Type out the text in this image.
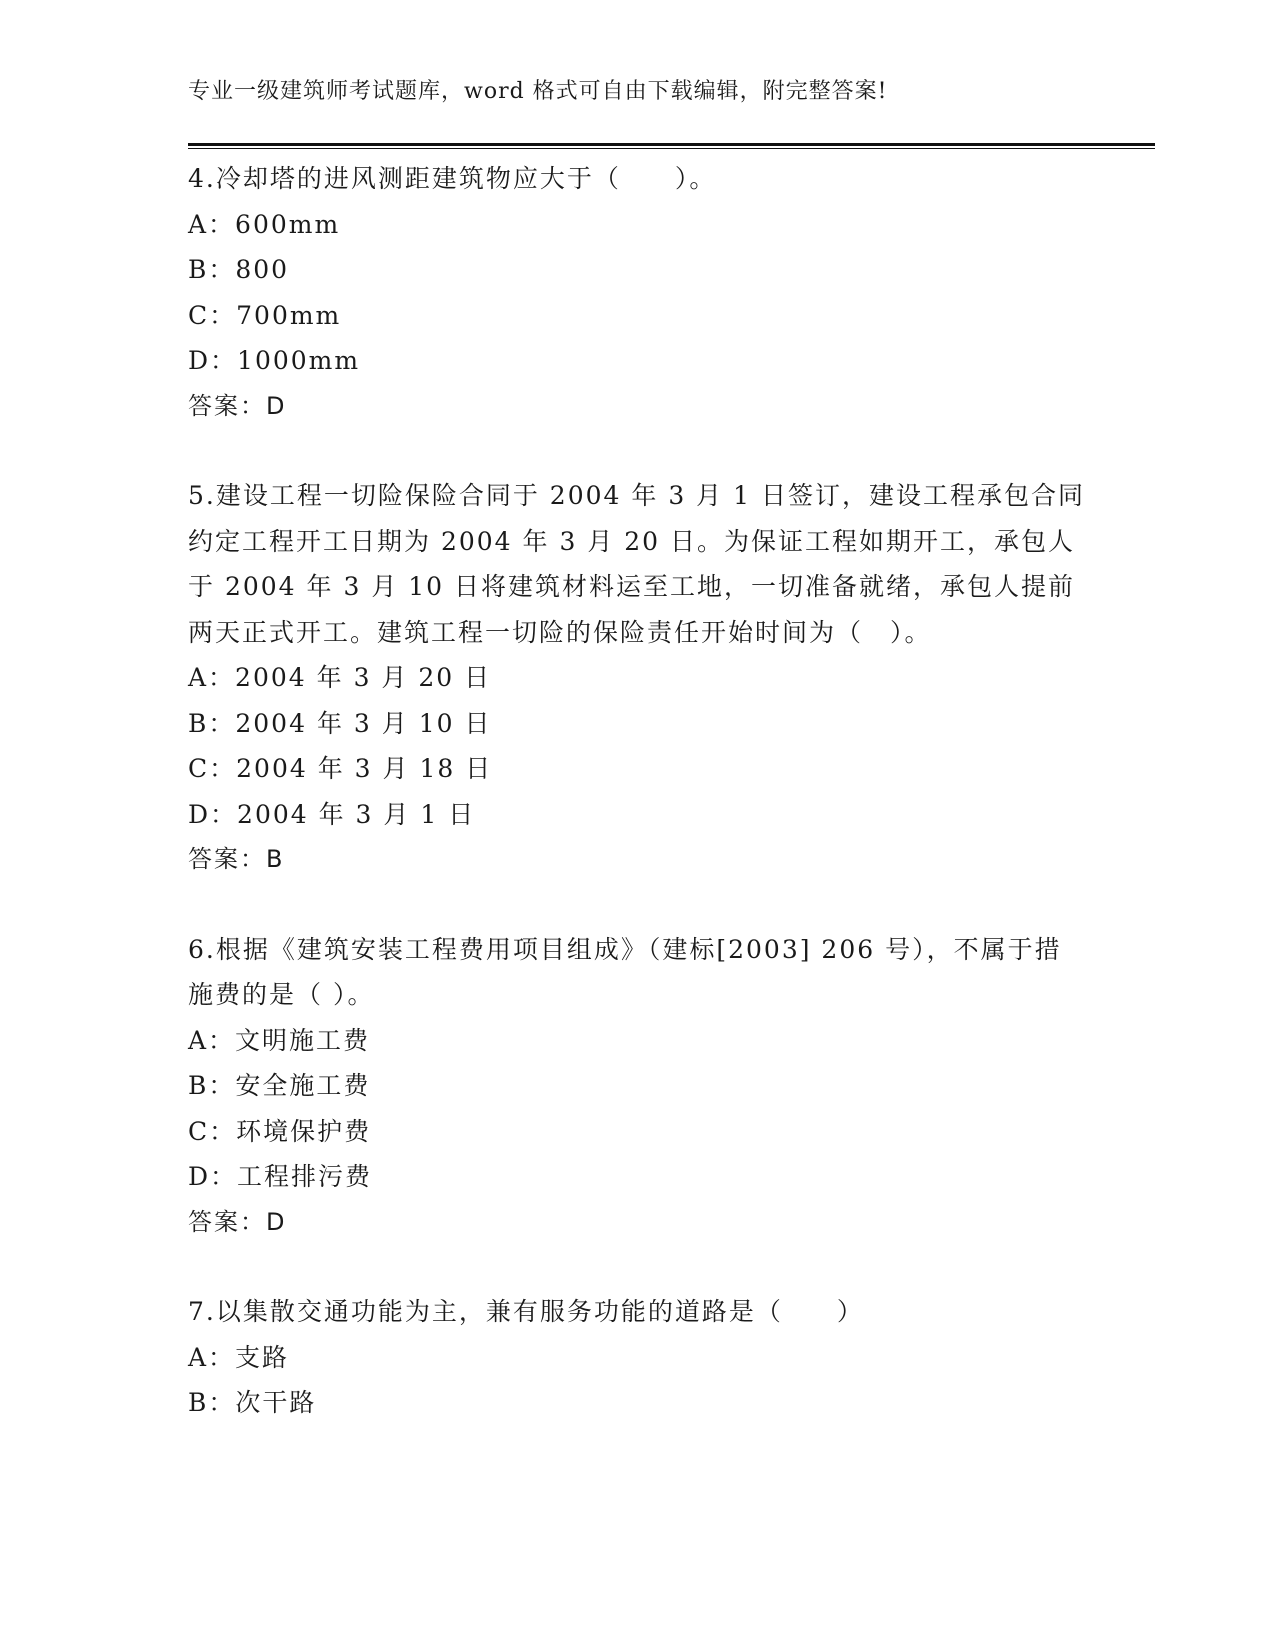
专业一级建筑师考试题库，word 格式可自由下载编辑，附完整答案!
4.冷却塔的进风测距建筑物应大于（　　）。
A：600mm
B：800
C：700mm
D：1000mm
答案：D
5.建设工程一切险保险合同于 2004 年 3 月 1 日签订，建设工程承包合同约定工程开工日期为 2004 年 3 月 20 日。为保证工程如期开工，承包人于 2004 年 3 月 10 日将建筑材料运至工地，一切准备就绪，承包人提前两天正式开工。建筑工程一切险的保险责任开始时间为（　）。
A：2004 年 3 月 20 日
B：2004 年 3 月 10 日
C：2004 年 3 月 18 日
D：2004 年 3 月 1 日
答案：B
6.根据《建筑安装工程费用项目组成》（建标[2003] 206 号），不属于措施费的是（ ）。
A：文明施工费
B：安全施工费
C：环境保护费
D：工程排污费
答案：D
7.以集散交通功能为主，兼有服务功能的道路是（　　）
A：支路
B：次干路
